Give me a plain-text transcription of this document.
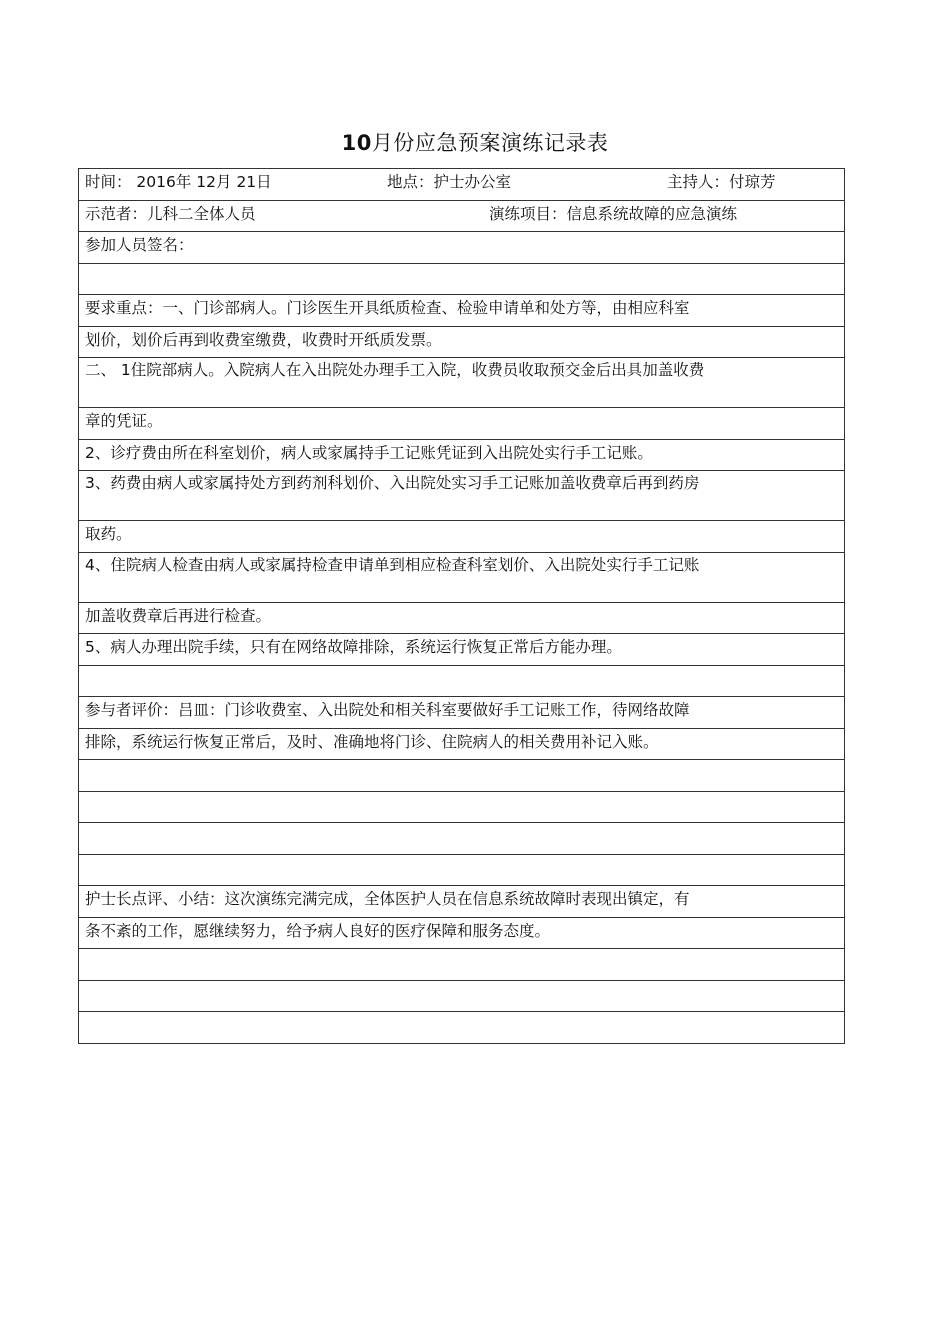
10月份应急预案演练记录表
时间： 2016年 12月 21日	地点：护士办公室	主持人：付琼芳
示范者：儿科二全体人员	演练项目：信息系统故障的应急演练
参加人员签名：
要求重点：一、门诊部病人。门诊医生开具纸质检查、检验申请单和处方等，由相应科室
划价，划价后再到收费室缴费，收费时开纸质发票。
二、 1住院部病人。入院病人在入出院处办理手工入院，收费员收取预交金后出具加盖收费
章的凭证。
2、诊疗费由所在科室划价，病人或家属持手工记账凭证到入出院处实行手工记账。
3、药费由病人或家属持处方到药剂科划价、入出院处实习手工记账加盖收费章后再到药房
取药。
4、住院病人检查由病人或家属持检查申请单到相应检查科室划价、入出院处实行手工记账
加盖收费章后再进行检查。
5、病人办理出院手续，只有在网络故障排除，系统运行恢复正常后方能办理。
参与者评价：吕皿：门诊收费室、入出院处和相关科室要做好手工记账工作，待网络故障
排除，系统运行恢复正常后，及时、准确地将门诊、住院病人的相关费用补记入账。
护士长点评、小结：这次演练完满完成，全体医护人员在信息系统故障时表现出镇定，有
条不紊的工作，愿继续努力，给予病人良好的医疗保障和服务态度。
